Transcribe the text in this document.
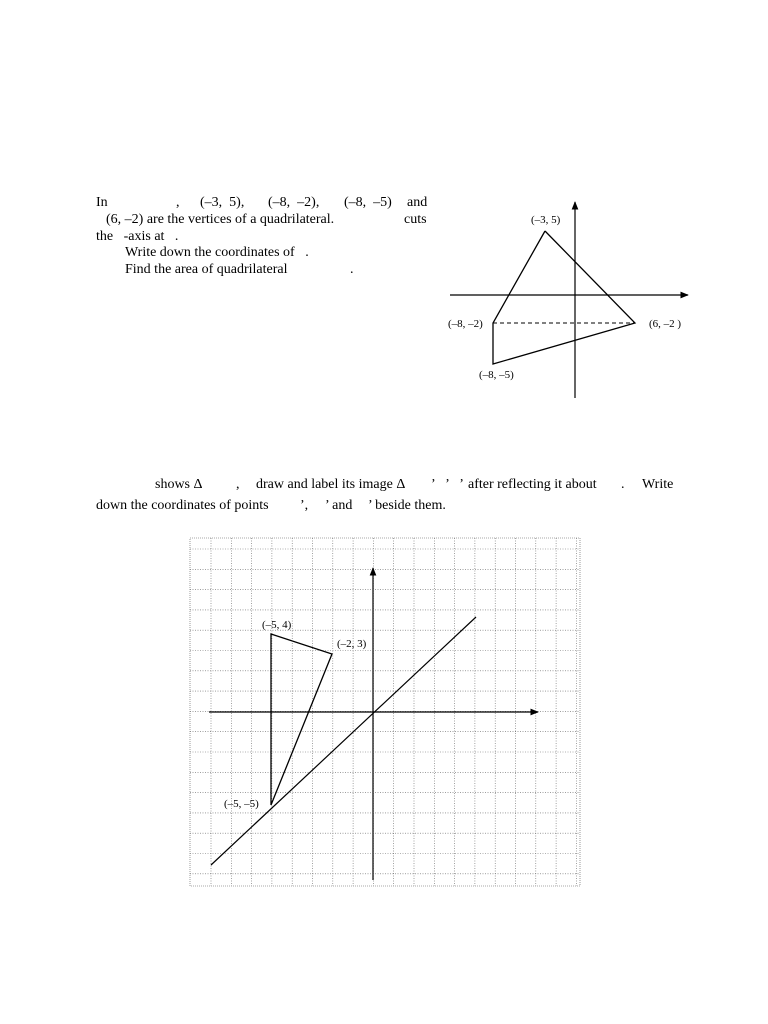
In	, (–3,  5), (–8,  –2), (–8,  –5) and
(6, –2) are the vertices of a quadrilateral.	cuts
the   -axis at   .
Write down the coordinates of   .
Find the area of quadrilateral	.
shows Δ , draw and label its image Δ ’   ’   ’ after reflecting it about . Write
down the coordinates of points ’, ’ and ’ beside them.
(–3, 5)
(–8, –2)	(6, –2 )
(–8, –5)
(–5, 4)
(–2, 3)
(–5, –5)
